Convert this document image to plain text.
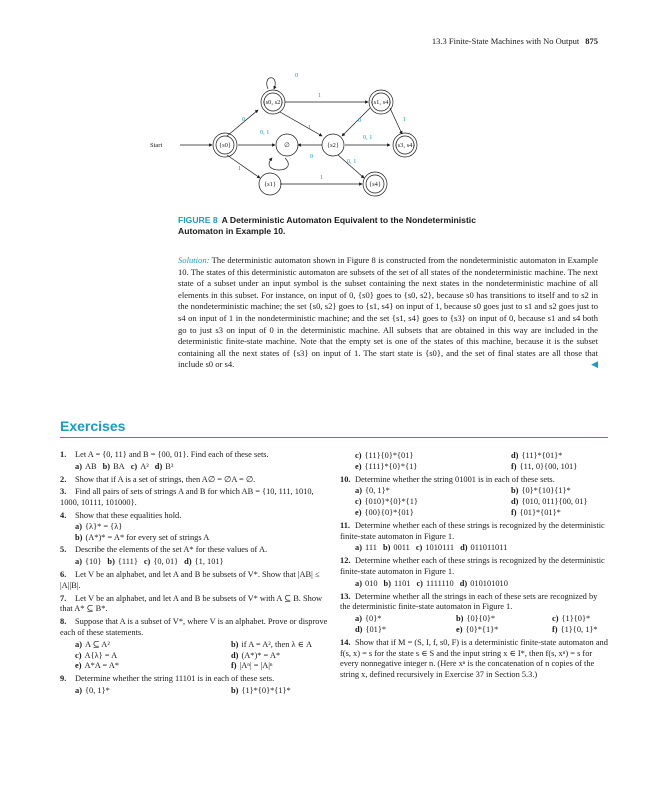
13.3 Finite-State Machines with No Output 875
Start
{s0, s2}	{s1, s4}
{s0}	∅	{s2}	{s3, s4}
{s1}	{s4}
0
1
0
0, 1
1
0	1
0, 1
0
0, 1
1
1
FIGURE 8 A Deterministic Automaton Equivalent to the Nondeterministic Automaton in Example 10.
Solution: The deterministic automaton shown in Figure 8 is constructed from the nondeterministic automaton in Example 10. The states of this deterministic automaton are subsets of the set of all states of the nondeterministic machine. The next state of a subset under an input symbol is the subset containing the next states in the nondeterministic machine of all elements in this subset. For instance, on input of 0, {s0} goes to {s0, s2}, because s0 has transitions to itself and to s2 in the nondeterministic machine; the set {s0, s2} goes to {s1, s4} on input of 1, because s0 goes just to s1 and s2 goes just to s4 on input of 1 in the nondeterministic machine; and the set {s1, s4} goes to {s3} on input of 0, because s1 and s4 both go to just s3 on input of 0 in the deterministic machine. All subsets that are obtained in this way are included in the deterministic finite-state machine. Note that the empty set is one of the states of this machine, because it is the subset containing all the next states of {s3} on input of 1. The start state is {s0}, and the set of final states are all those that include s0 or s4.	◀
Exercises
1. Let A = {0, 11} and B = {00, 01}. Find each of these sets.
a) AB b) BA c) A² d) B³
2. Show that if A is a set of strings, then A∅ = ∅A = ∅.
3. Find all pairs of sets of strings A and B for which AB = {10, 111, 1010, 1000, 10111, 101000}.
4. Show that these equalities hold.
a) {λ}* = {λ}
b) (A*)* = A* for every set of strings A
5. Describe the elements of the set A* for these values of A.
a) {10} b) {111} c) {0, 01} d) {1, 101}
6. Let V be an alphabet, and let A and B be subsets of V*. Show that |AB| ≤ |A||B|.
7. Let V be an alphabet, and let A and B be subsets of V* with A ⊆ B. Show that A* ⊆ B*.
8. Suppose that A is a subset of V*, where V is an alphabet. Prove or disprove each of these statements.
a) A ⊆ A²	b) if A = A², then λ ∈ A
c) A{λ} = A	d) (A*)* = A*
e) A*A = A*	f) |Aⁿ| = |A|ⁿ
9. Determine whether the string 11101 is in each of these sets.
a) {0, 1}*	b) {1}*{0}*{1}*
c) {11}{0}*{01}	d) {11}*{01}*
e) {111}*{0}*{1}	f) {11, 0}{00, 101}
10. Determine whether the string 01001 is in each of these sets.
a) {0, 1}*	b) {0}*{10}{1}*
c) {010}*{0}*{1}	d) {010, 011}{00, 01}
e) {00}{0}*{01}	f) {01}*{01}*
11. Determine whether each of these strings is recognized by the deterministic finite-state automaton in Figure 1.
a) 111 b) 0011 c) 1010111 d) 011011011
12. Determine whether each of these strings is recognized by the deterministic finite-state automaton in Figure 1.
a) 010 b) 1101 c) 1111110 d) 010101010
13. Determine whether all the strings in each of these sets are recognized by the deterministic finite-state automaton in Figure 1.
a) {0}*	b) {0}{0}*	c) {1}{0}*
d) {01}*	e) {0}*{1}*	f) {1}{0, 1}*
14. Show that if M = (S, I, f, s0, F) is a deterministic finite-state automaton and f(s, x) = s for the state s ∈ S and the input string x ∈ I*, then f(s, xⁿ) = s for every nonnegative integer n. (Here xⁿ is the concatenation of n copies of the string x, defined recursively in Exercise 37 in Section 5.3.)
